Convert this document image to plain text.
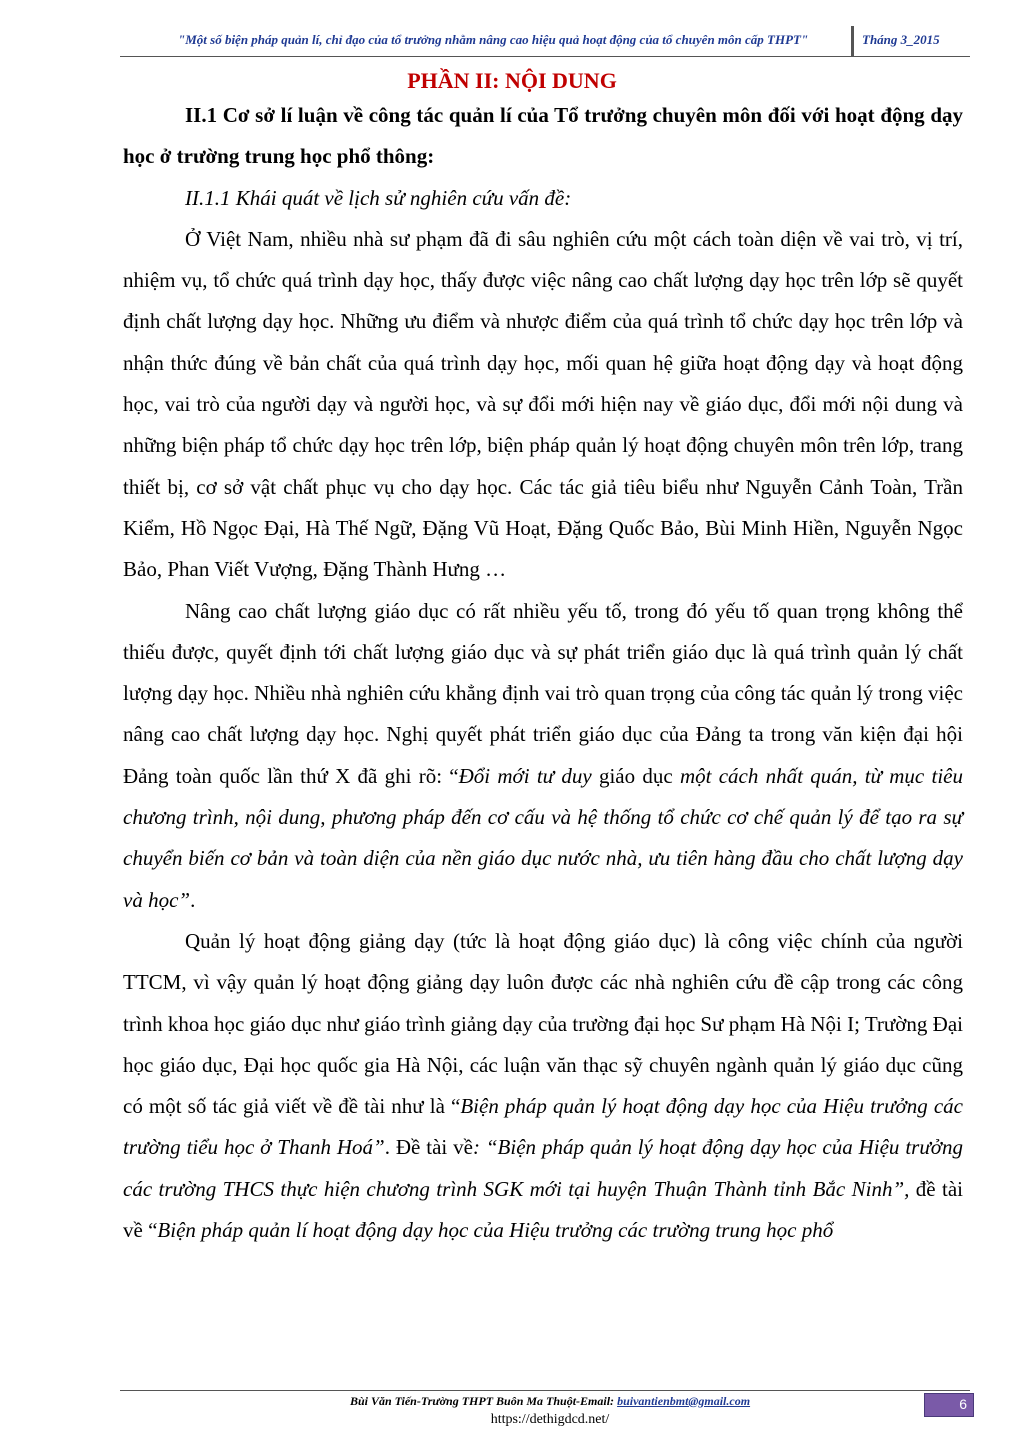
"Một số biện pháp quản lí, chỉ đạo của tổ trưởng nhằm nâng cao hiệu quả hoạt động của tổ chuyên môn cấp THPT"	Tháng 3_2015
PHẦN II: NỘI DUNG

II.1 Cơ sở lí luận về công tác quản lí của Tổ trưởng chuyên môn đối với hoạt động dạy học ở trường trung học phổ thông:

II.1.1 Khái quát về lịch sử nghiên cứu vấn đề:

Ở Việt Nam, nhiều nhà sư phạm đã đi sâu nghiên cứu một cách toàn diện về vai trò, vị trí, nhiệm vụ, tổ chức quá trình dạy học, thấy được việc nâng cao chất lượng dạy học trên lớp sẽ quyết định chất lượng dạy học. Những ưu điểm và nhược điểm của quá trình tổ chức dạy học trên lớp và nhận thức đúng về bản chất của quá trình dạy học, mối quan hệ giữa hoạt động dạy và hoạt động học, vai trò của người dạy và người học, và sự đổi mới hiện nay về giáo dục, đổi mới nội dung và những biện pháp tổ chức dạy học trên lớp, biện pháp quản lý hoạt động chuyên môn trên lớp, trang thiết bị, cơ sở vật chất phục vụ cho dạy học. Các tác giả tiêu biểu như Nguyễn Cảnh Toàn, Trần Kiểm, Hồ Ngọc Đại, Hà Thế Ngữ, Đặng Vũ Hoạt, Đặng Quốc Bảo, Bùi Minh Hiền, Nguyễn Ngọc Bảo, Phan Viết Vượng, Đặng Thành Hưng …

Nâng cao chất lượng giáo dục có rất nhiều yếu tố, trong đó yếu tố quan trọng không thể thiếu được, quyết định tới chất lượng giáo dục và sự phát triển giáo dục là quá trình quản lý chất lượng dạy học. Nhiều nhà nghiên cứu khẳng định vai trò quan trọng của công tác quản lý trong việc nâng cao chất lượng dạy học. Nghị quyết phát triển giáo dục của Đảng ta trong văn kiện đại hội Đảng toàn quốc lần thứ X đã ghi rõ: “Đổi mới tư duy giáo dục một cách nhất quán, từ mục tiêu chương trình, nội dung, phương pháp đến cơ cấu và hệ thống tổ chức cơ chế quản lý để tạo ra sự chuyển biến cơ bản và toàn diện của nền giáo dục nước nhà, ưu tiên hàng đầu cho chất lượng dạy và học”.

Quản lý hoạt động giảng dạy (tức là hoạt động giáo dục) là công việc chính của người TTCM, vì vậy quản lý hoạt động giảng dạy luôn được các nhà nghiên cứu đề cập trong các công trình khoa học giáo dục như giáo trình giảng dạy của trường đại học Sư phạm Hà Nội I; Trường Đại học giáo dục, Đại học quốc gia Hà Nội, các luận văn thạc sỹ chuyên ngành quản lý giáo dục cũng có một số tác giả viết về đề tài như là “Biện pháp quản lý hoạt động dạy học của Hiệu trưởng các trường tiểu học ở Thanh Hoá”. Đề tài về: “Biện pháp quản lý hoạt động dạy học của Hiệu trưởng các trường THCS thực hiện chương trình SGK mới tại huyện Thuận Thành tỉnh Bắc Ninh”, đề tài về “Biện pháp quản lí hoạt động dạy học của Hiệu trưởng các trường trung học phổ

Bùi Văn Tiến-Trường THPT Buôn Ma Thuột-Email: buivantienbmt@gmail.com	6
https://dethigdcd.net/
